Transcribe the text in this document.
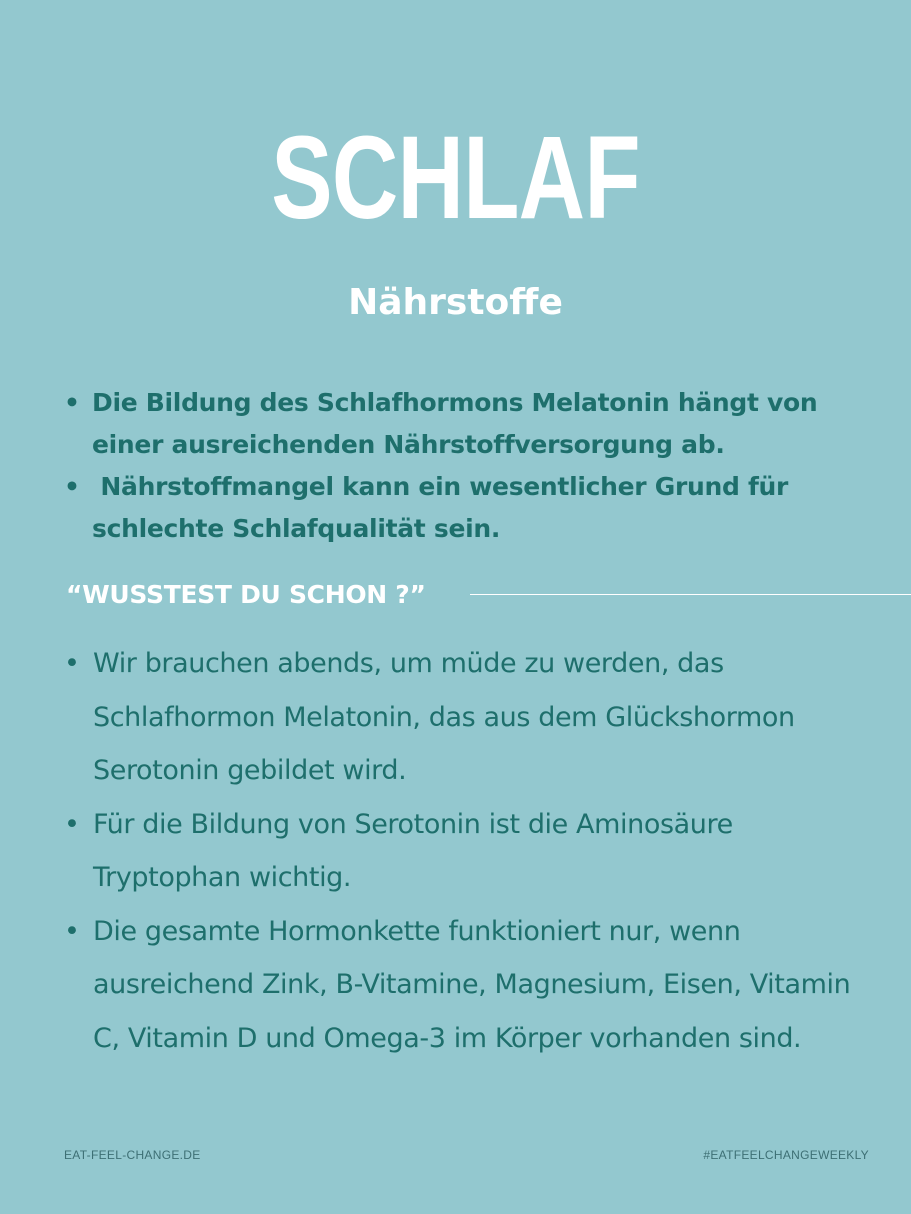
SCHLAF
Nährstoffe
• Die Bildung des Schlafhormons Melatonin hängt von einer ausreichenden Nährstoffversorgung ab.
• Nährstoffmangel kann ein wesentlicher Grund für schlechte Schlafqualität sein.
“WUSSTEST DU SCHON ?”
• Wir brauchen abends, um müde zu werden, das Schlafhormon Melatonin, das aus dem Glückshormon Serotonin gebildet wird.
• Für die Bildung von Serotonin ist die Aminosäure Tryptophan wichtig.
• Die gesamte Hormonkette funktioniert nur, wenn ausreichend Zink, B-Vitamine, Magnesium, Eisen, Vitamin C, Vitamin D und Omega-3 im Körper vorhanden sind.
EAT-FEEL-CHANGE.DE	#EATFEELCHANGEWEEKLY
